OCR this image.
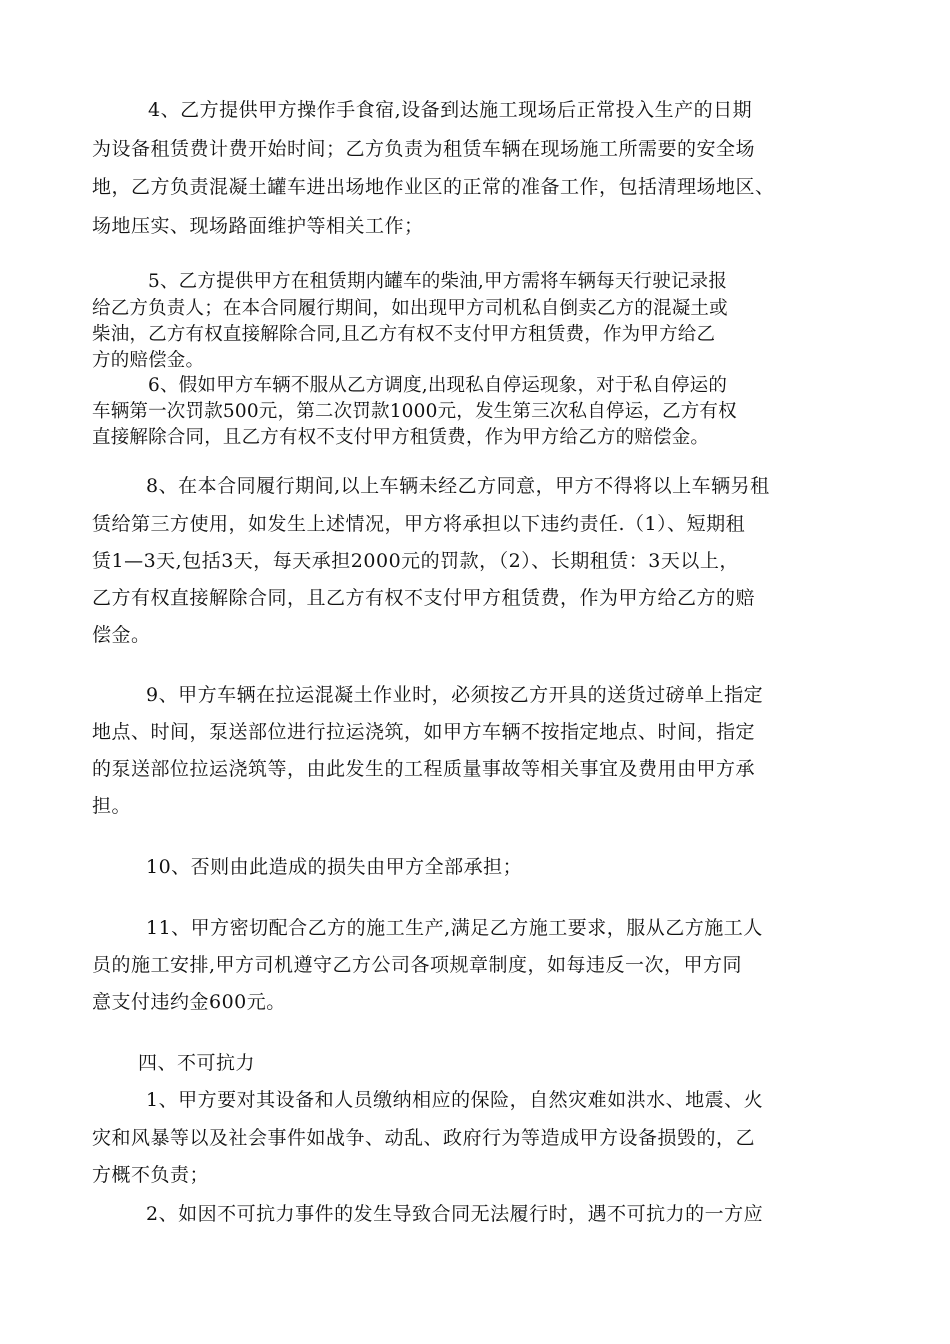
4、乙方提供甲方操作手食宿,设备到达施工现场后正常投入生产的日期
为设备租赁费计费开始时间；乙方负责为租赁车辆在现场施工所需要的安全场
地，乙方负责混凝土罐车进出场地作业区的正常的准备工作，包括清理场地区、
场地压实、现场路面维护等相关工作；
5、乙方提供甲方在租赁期内罐车的柴油,甲方需将车辆每天行驶记录报
给乙方负责人；在本合同履行期间，如出现甲方司机私自倒卖乙方的混凝土或
柴油，乙方有权直接解除合同,且乙方有权不支付甲方租赁费，作为甲方给乙
方的赔偿金。
6、假如甲方车辆不服从乙方调度,出现私自停运现象，对于私自停运的
车辆第一次罚款500元，第二次罚款1000元，发生第三次私自停运，乙方有权
直接解除合同，且乙方有权不支付甲方租赁费，作为甲方给乙方的赔偿金。
8、在本合同履行期间,以上车辆未经乙方同意，甲方不得将以上车辆另租
赁给第三方使用，如发生上述情况，甲方将承担以下违约责任.（1）、短期租
赁1—3天,包括3天，每天承担2000元的罚款，（2）、长期租赁：3天以上，
乙方有权直接解除合同，且乙方有权不支付甲方租赁费，作为甲方给乙方的赔
偿金。
9、甲方车辆在拉运混凝土作业时，必须按乙方开具的送货过磅单上指定
地点、时间，泵送部位进行拉运浇筑，如甲方车辆不按指定地点、时间，指定
的泵送部位拉运浇筑等，由此发生的工程质量事故等相关事宜及费用由甲方承
担。
10、否则由此造成的损失由甲方全部承担；
11、甲方密切配合乙方的施工生产,满足乙方施工要求，服从乙方施工人
员的施工安排,甲方司机遵守乙方公司各项规章制度，如每违反一次，甲方同
意支付违约金600元。
四、不可抗力
1、甲方要对其设备和人员缴纳相应的保险，自然灾难如洪水、地震、火
灾和风暴等以及社会事件如战争、动乱、政府行为等造成甲方设备损毁的，乙
方概不负责；
2、如因不可抗力事件的发生导致合同无法履行时，遇不可抗力的一方应
